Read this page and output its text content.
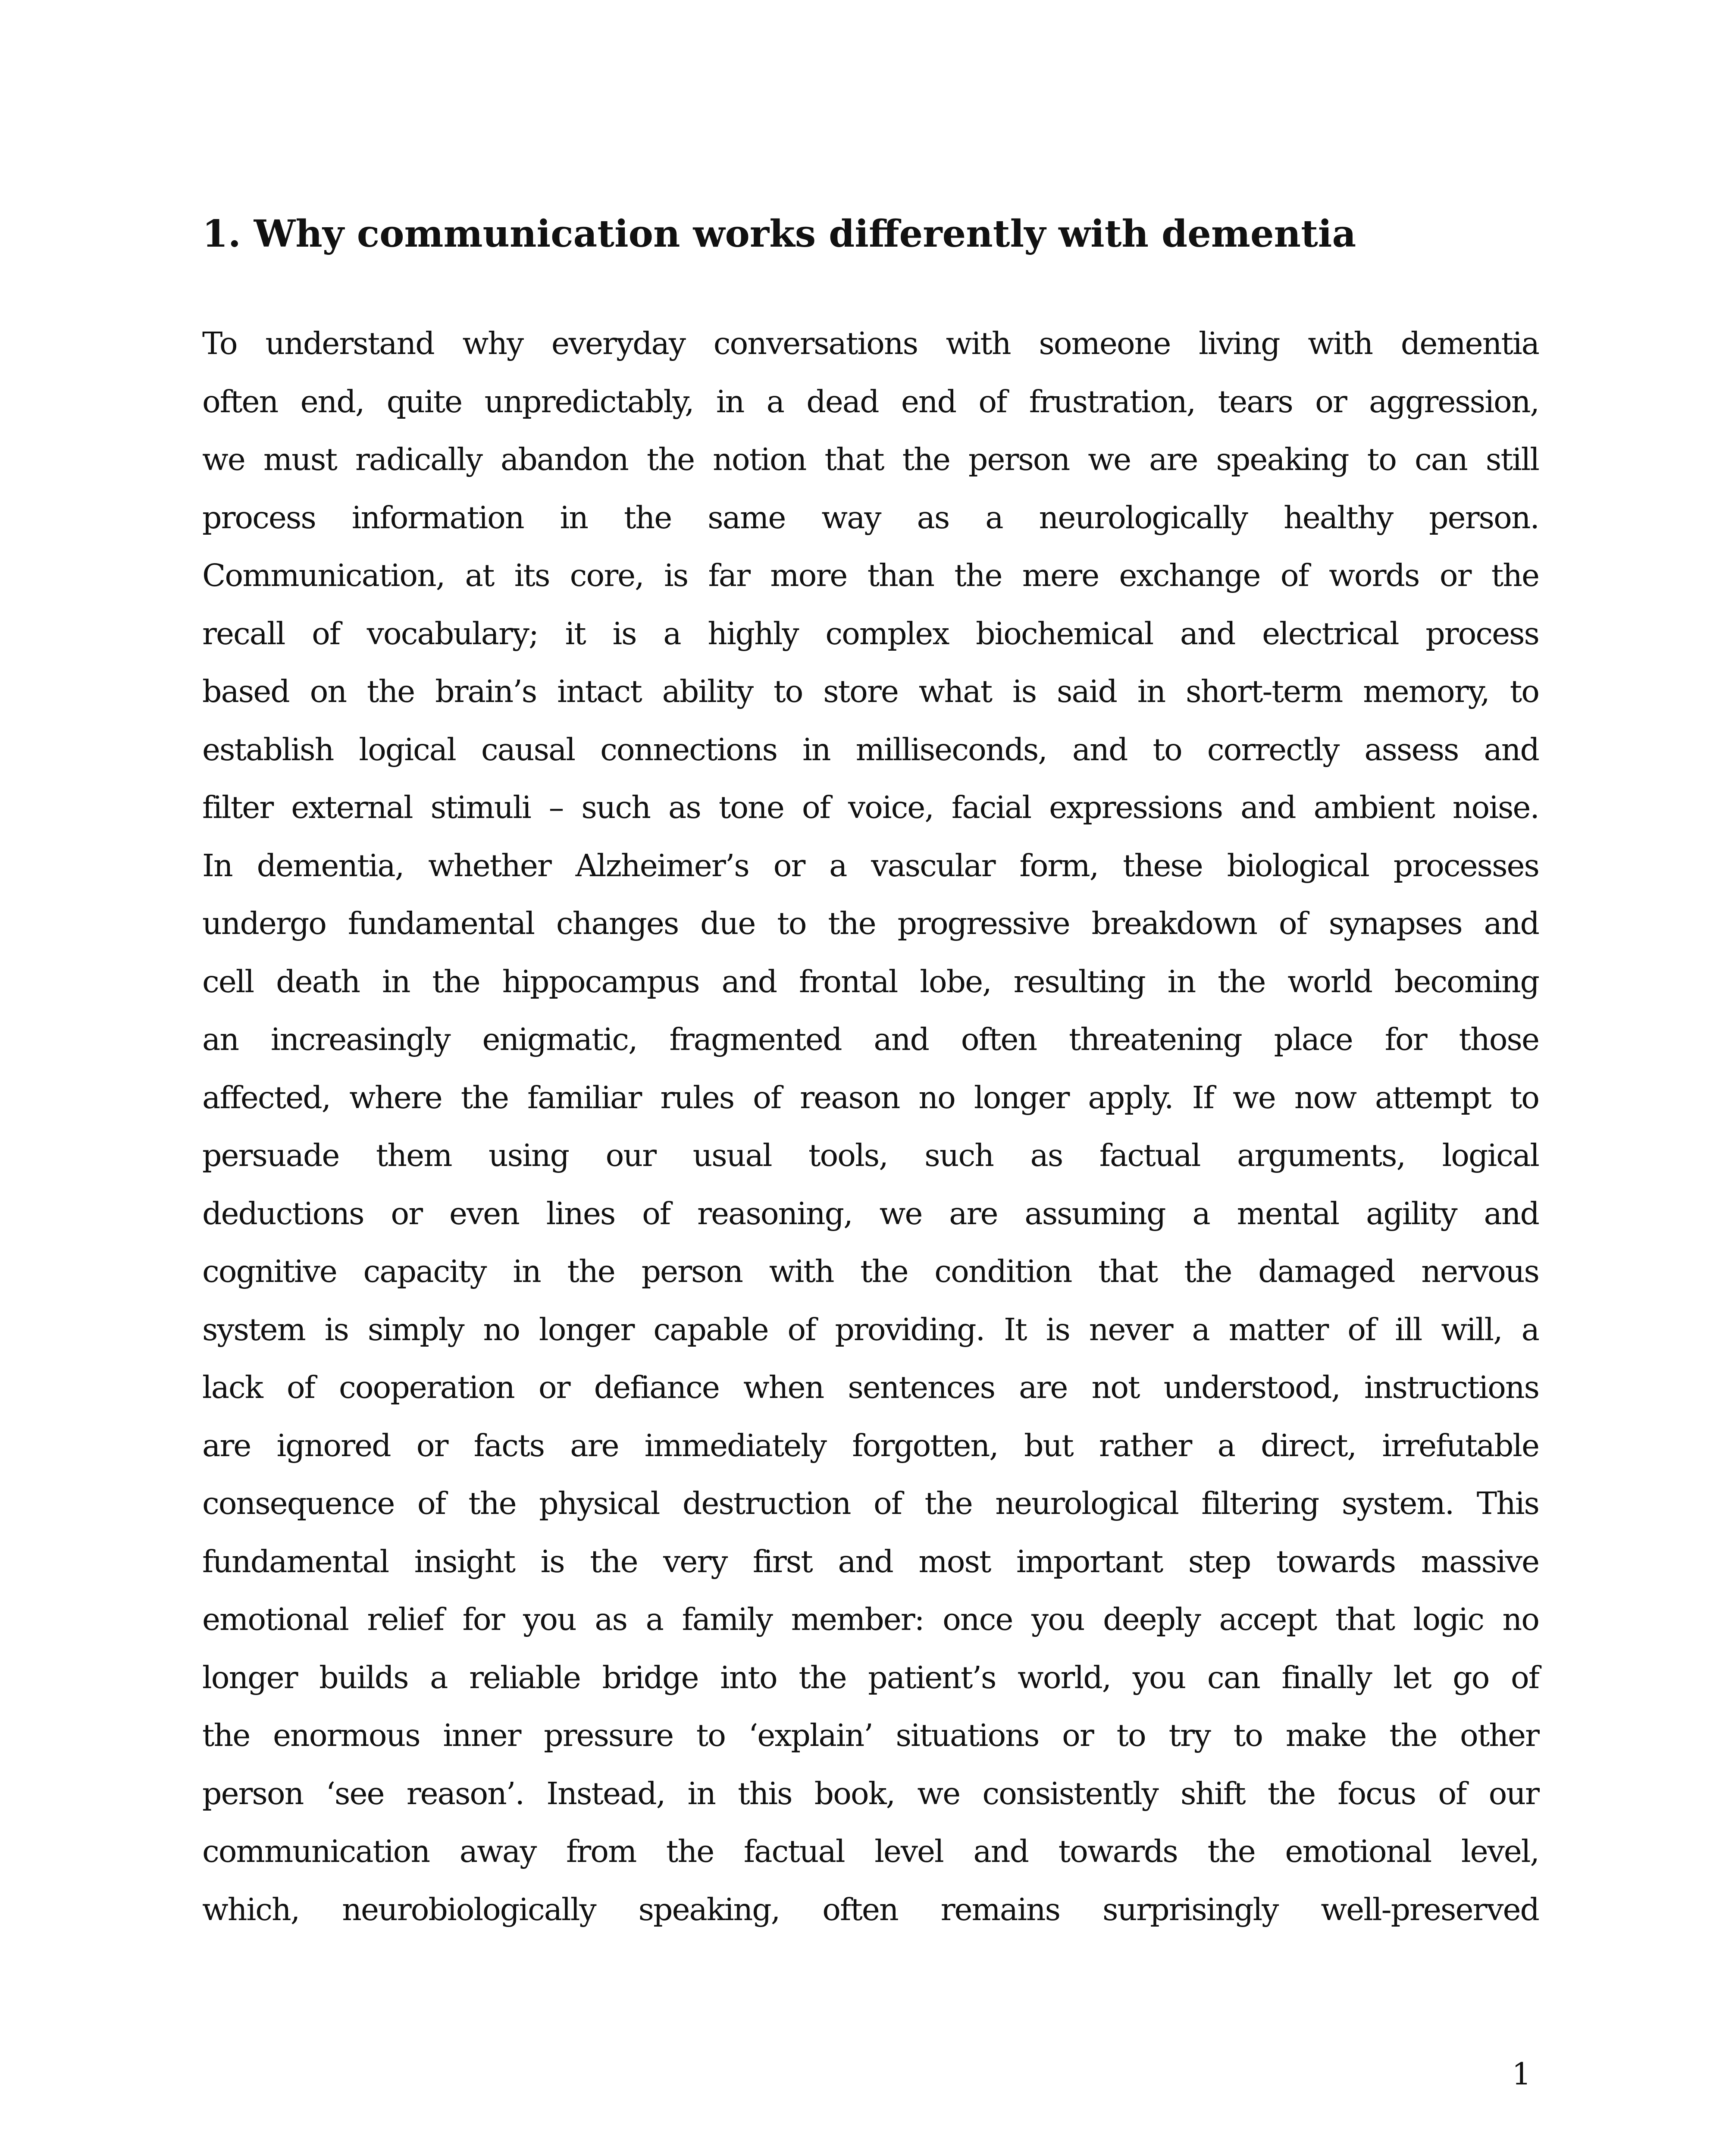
1. Why communication works differently with dementia
To understand why everyday conversations with someone living with dementia
often end, quite unpredictably, in a dead end of frustration, tears or aggression,
we must radically abandon the notion that the person we are speaking to can still
process information in the same way as a neurologically healthy person.
Communication, at its core, is far more than the mere exchange of words or the
recall of vocabulary; it is a highly complex biochemical and electrical process
based on the brain’s intact ability to store what is said in short-term memory, to
establish logical causal connections in milliseconds, and to correctly assess and
filter external stimuli – such as tone of voice, facial expressions and ambient noise.
In dementia, whether Alzheimer’s or a vascular form, these biological processes
undergo fundamental changes due to the progressive breakdown of synapses and
cell death in the hippocampus and frontal lobe, resulting in the world becoming
an increasingly enigmatic, fragmented and often threatening place for those
affected, where the familiar rules of reason no longer apply. If we now attempt to
persuade them using our usual tools, such as factual arguments, logical
deductions or even lines of reasoning, we are assuming a mental agility and
cognitive capacity in the person with the condition that the damaged nervous
system is simply no longer capable of providing. It is never a matter of ill will, a
lack of cooperation or defiance when sentences are not understood, instructions
are ignored or facts are immediately forgotten, but rather a direct, irrefutable
consequence of the physical destruction of the neurological filtering system. This
fundamental insight is the very first and most important step towards massive
emotional relief for you as a family member: once you deeply accept that logic no
longer builds a reliable bridge into the patient’s world, you can finally let go of
the enormous inner pressure to ‘explain’ situations or to try to make the other
person ‘see reason’. Instead, in this book, we consistently shift the focus of our
communication away from the factual level and towards the emotional level,
which, neurobiologically speaking, often remains surprisingly well-preserved
1
